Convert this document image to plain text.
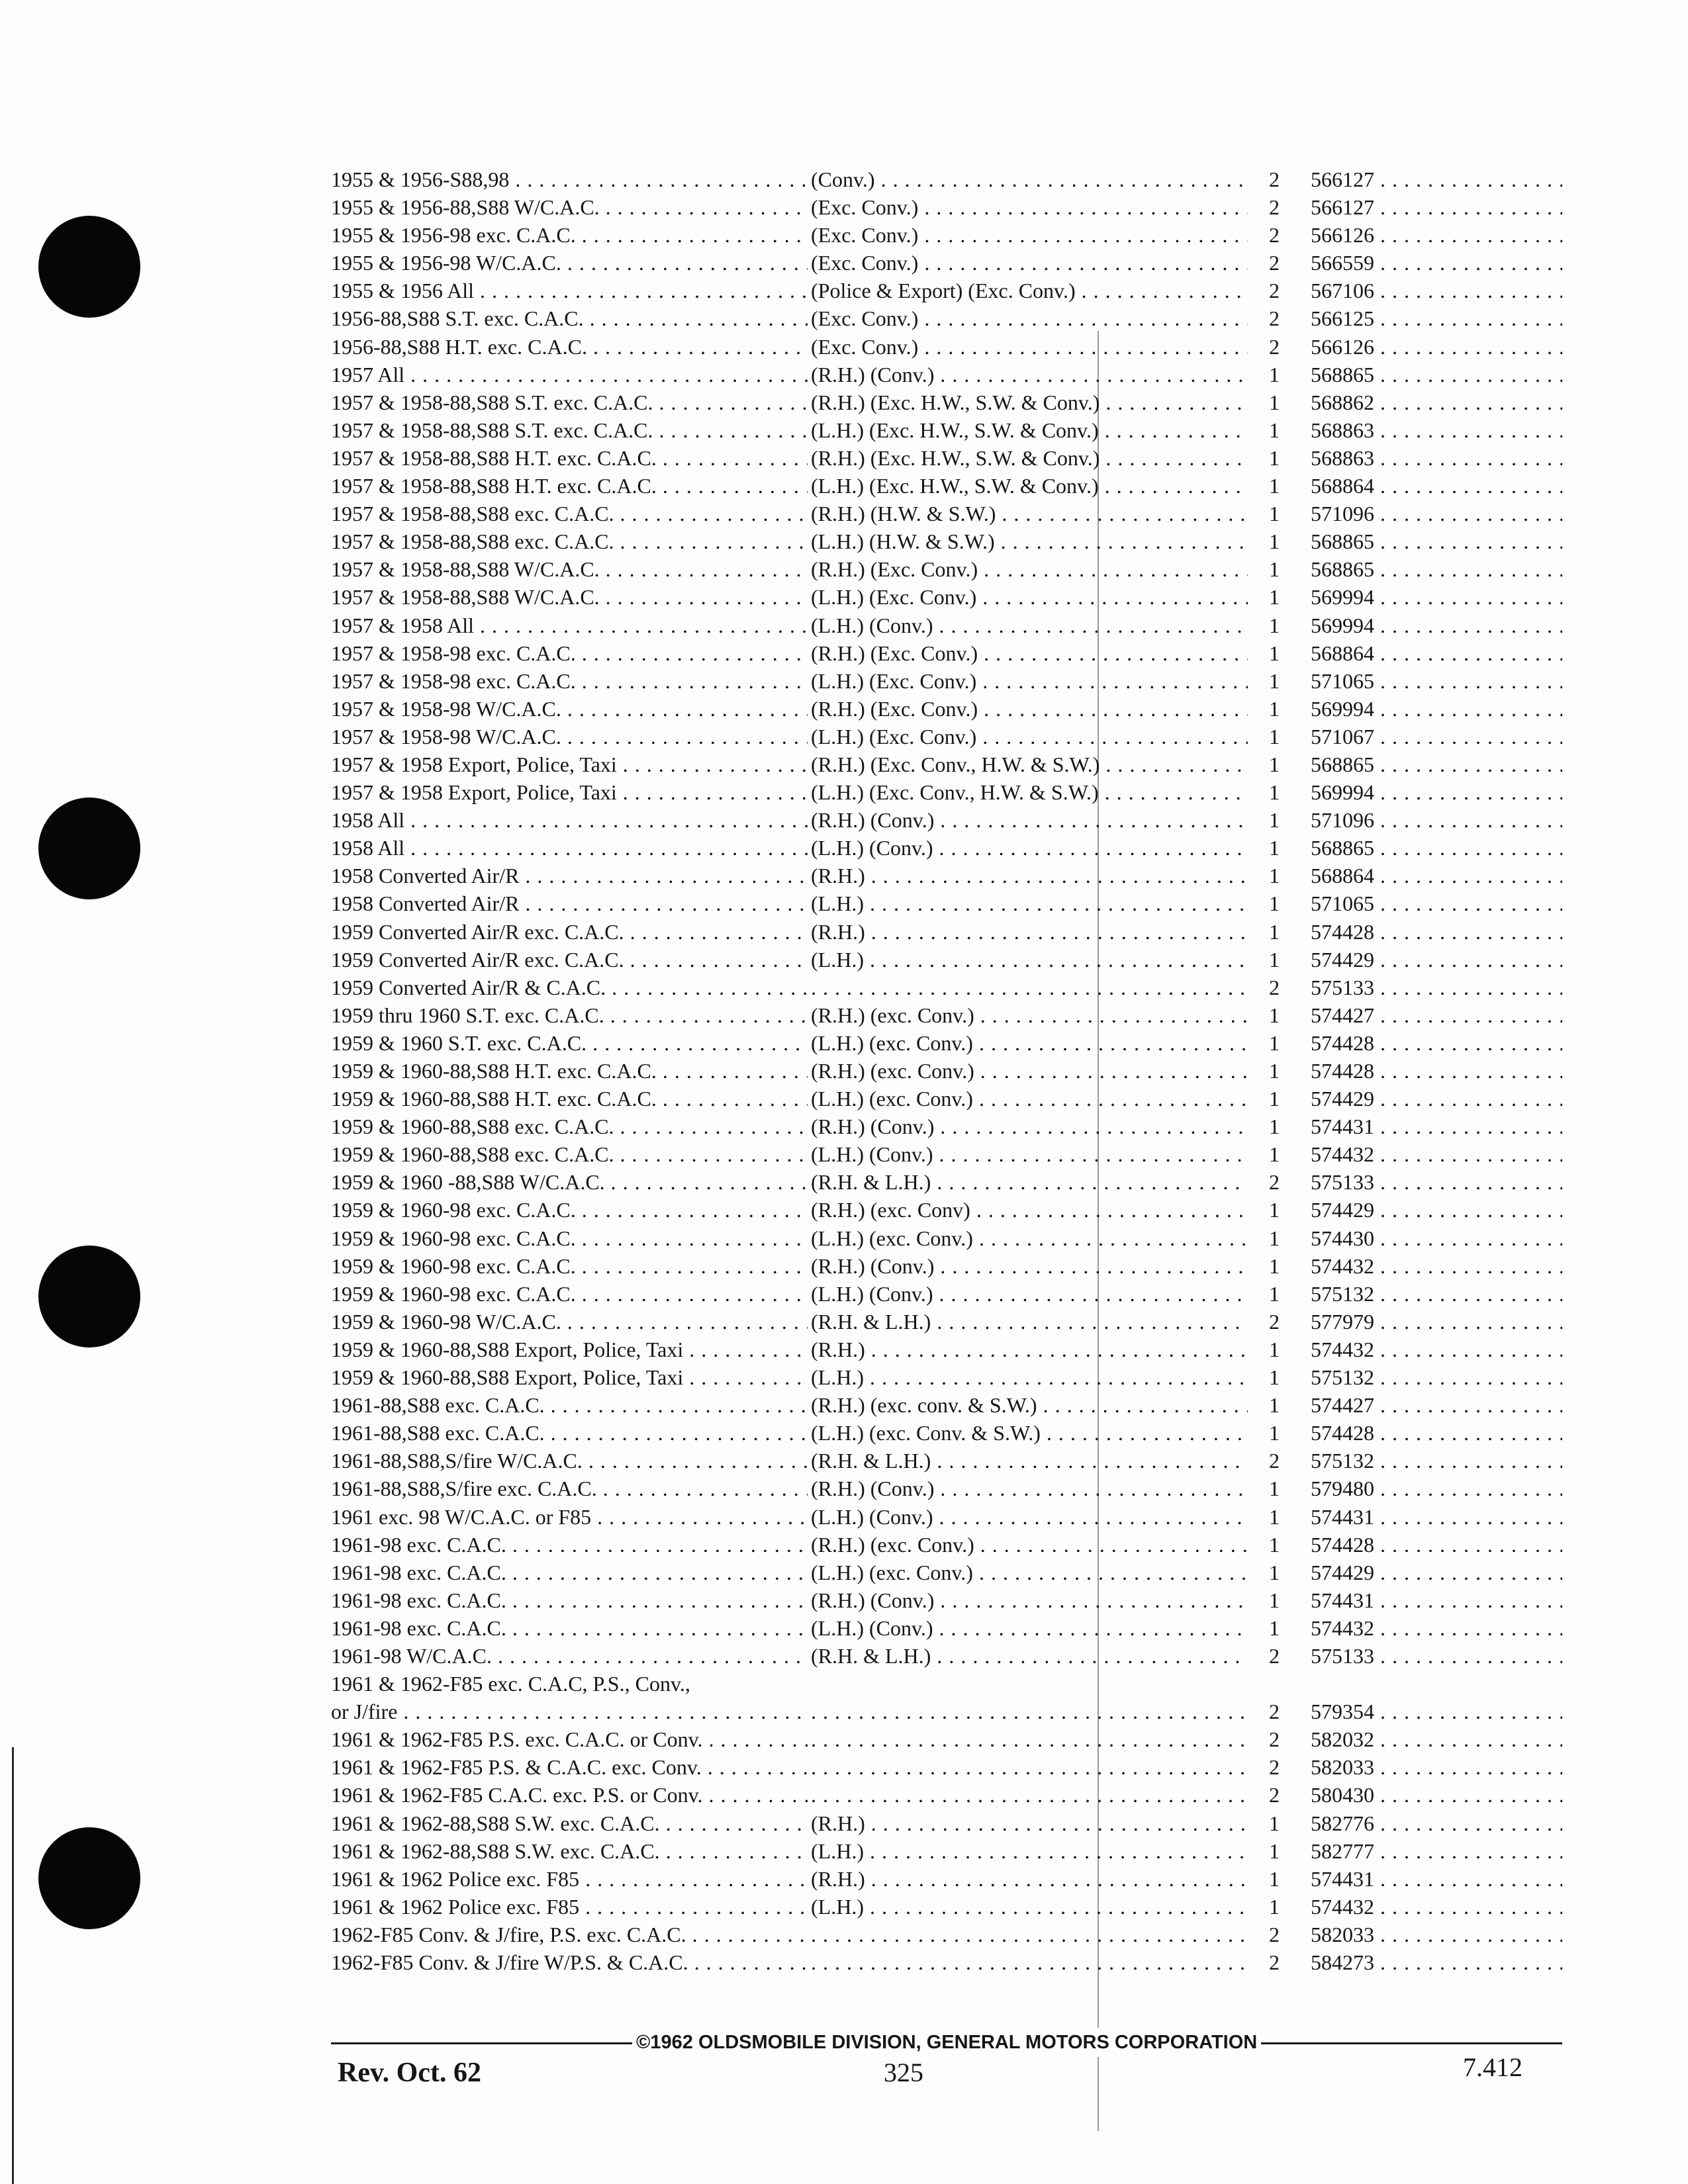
1955 & 1956-S88,98 . . .	(Conv.) . . .	2	566127 . . .
1955 & 1956-88,S88 W/C.A.C. . . .	(Exc. Conv.) . . .	2	566127 . . .
1955 & 1956-98 exc. C.A.C. . . .	(Exc. Conv.) . . .	2	566126 . . .
1955 & 1956-98 W/C.A.C. . . .	(Exc. Conv.) . . .	2	566559 . . .
1955 & 1956 All . . .	(Police & Export) (Exc. Conv.) . . .	2	567106 . . .
1956-88,S88 S.T. exc. C.A.C. . . .	(Exc. Conv.) . . .	2	566125 . . .
1956-88,S88 H.T. exc. C.A.C. . . .	(Exc. Conv.) . . .	2	566126 . . .
1957 All . . .	(R.H.) (Conv.) . . .	1	568865 . . .
1957 & 1958-88,S88 S.T. exc. C.A.C. . . .	(R.H.) (Exc. H.W., S.W. & Conv.) . . .	1	568862 . . .
1957 & 1958-88,S88 S.T. exc. C.A.C. . . .	(L.H.) (Exc. H.W., S.W. & Conv.) . . .	1	568863 . . .
1957 & 1958-88,S88 H.T. exc. C.A.C. . . .	(R.H.) (Exc. H.W., S.W. & Conv.) . . .	1	568863 . . .
1957 & 1958-88,S88 H.T. exc. C.A.C. . . .	(L.H.) (Exc. H.W., S.W. & Conv.) . . .	1	568864 . . .
1957 & 1958-88,S88 exc. C.A.C. . . .	(R.H.) (H.W. & S.W.) . . .	1	571096 . . .
1957 & 1958-88,S88 exc. C.A.C. . . .	(L.H.) (H.W. & S.W.) . . .	1	568865 . . .
1957 & 1958-88,S88 W/C.A.C. . . .	(R.H.) (Exc. Conv.) . . .	1	568865 . . .
1957 & 1958-88,S88 W/C.A.C. . . .	(L.H.) (Exc. Conv.) . . .	1	569994 . . .
1957 & 1958 All . . .	(L.H.) (Conv.) . . .	1	569994 . . .
1957 & 1958-98 exc. C.A.C. . . .	(R.H.) (Exc. Conv.) . . .	1	568864 . . .
1957 & 1958-98 exc. C.A.C. . . .	(L.H.) (Exc. Conv.) . . .	1	571065 . . .
1957 & 1958-98 W/C.A.C. . . .	(R.H.) (Exc. Conv.) . . .	1	569994 . . .
1957 & 1958-98 W/C.A.C. . . .	(L.H.) (Exc. Conv.) . . .	1	571067 . . .
1957 & 1958 Export, Police, Taxi . . .	(R.H.) (Exc. Conv., H.W. & S.W.) . . .	1	568865 . . .
1957 & 1958 Export, Police, Taxi . . .	(L.H.) (Exc. Conv., H.W. & S.W.) . . .	1	569994 . . .
1958 All . . .	(R.H.) (Conv.) . . .	1	571096 . . .
1958 All . . .	(L.H.) (Conv.) . . .	1	568865 . . .
1958 Converted Air/R . . .	(R.H.) . . .	1	568864 . . .
1958 Converted Air/R . . .	(L.H.) . . .	1	571065 . . .
1959 Converted Air/R exc. C.A.C. . . .	(R.H.) . . .	1	574428 . . .
1959 Converted Air/R exc. C.A.C. . . .	(L.H.) . . .	1	574429 . . .
1959 Converted Air/R & C.A.C. . . . . . .	2	575133 . . .
1959 thru 1960 S.T. exc. C.A.C. . . .	(R.H.) (exc. Conv.) . . .	1	574427 . . .
1959 & 1960 S.T. exc. C.A.C. . . .	(L.H.) (exc. Conv.) . . .	1	574428 . . .
1959 & 1960-88,S88 H.T. exc. C.A.C. . . .	(R.H.) (exc. Conv.) . . .	1	574428 . . .
1959 & 1960-88,S88 H.T. exc. C.A.C. . . .	(L.H.) (exc. Conv.) . . .	1	574429 . . .
1959 & 1960-88,S88 exc. C.A.C. . . .	(R.H.) (Conv.) . . .	1	574431 . . .
1959 & 1960-88,S88 exc. C.A.C. . . .	(L.H.) (Conv.) . . .	1	574432 . . .
1959 & 1960 -88,S88 W/C.A.C. . . .	(R.H. & L.H.) . . .	2	575133 . . .
1959 & 1960-98 exc. C.A.C. . . .	(R.H.) (exc. Conv) . . .	1	574429 . . .
1959 & 1960-98 exc. C.A.C. . . .	(L.H.) (exc. Conv.) . . .	1	574430 . . .
1959 & 1960-98 exc. C.A.C. . . .	(R.H.) (Conv.) . . .	1	574432 . . .
1959 & 1960-98 exc. C.A.C. . . .	(L.H.) (Conv.) . . .	1	575132 . . .
1959 & 1960-98 W/C.A.C. . . .	(R.H. & L.H.) . . .	2	577979 . . .
1959 & 1960-88,S88 Export, Police, Taxi . . .	(R.H.) . . .	1	574432 . . .
1959 & 1960-88,S88 Export, Police, Taxi . . .	(L.H.) . . .	1	575132 . . .
1961-88,S88 exc. C.A.C. . . .	(R.H.) (exc. conv. & S.W.) . . .	1	574427 . . .
1961-88,S88 exc. C.A.C. . . .	(L.H.) (exc. Conv. & S.W.) . . .	1	574428 . . .
1961-88,S88,S/fire W/C.A.C. . . .	(R.H. & L.H.) . . .	2	575132 . . .
1961-88,S88,S/fire exc. C.A.C. . . .	(R.H.) (Conv.) . . .	1	579480 . . .
1961 exc. 98 W/C.A.C. or F85 . . .	(L.H.) (Conv.) . . .	1	574431 . . .
1961-98 exc. C.A.C. . . .	(R.H.) (exc. Conv.) . . .	1	574428 . . .
1961-98 exc. C.A.C. . . .	(L.H.) (exc. Conv.) . . .	1	574429 . . .
1961-98 exc. C.A.C. . . .	(R.H.) (Conv.) . . .	1	574431 . . .
1961-98 exc. C.A.C. . . .	(L.H.) (Conv.) . . .	1	574432 . . .
1961-98 W/C.A.C. . . .	(R.H. & L.H.) . . .	2	575133 . . .
1961 & 1962-F85 exc. C.A.C, P.S., Conv.,
or J/fire . . . . . .	2	579354 . . .
1961 & 1962-F85 P.S. exc. C.A.C. or Conv. . . . . . .	2	582032 . . .
1961 & 1962-F85 P.S. & C.A.C. exc. Conv. . . . . . .	2	582033 . . .
1961 & 1962-F85 C.A.C. exc. P.S. or Conv. . . . . . .	2	580430 . . .
1961 & 1962-88,S88 S.W. exc. C.A.C. . . .	(R.H.) . . .	1	582776 . . .
1961 & 1962-88,S88 S.W. exc. C.A.C. . . .	(L.H.) . . .	1	582777 . . .
1961 & 1962 Police exc. F85 . . .	(R.H.) . . .	1	574431 . . .
1961 & 1962 Police exc. F85 . . .	(L.H.) . . .	1	574432 . . .
1962-F85 Conv. & J/fire, P.S. exc. C.A.C. . . . . . .	2	582033 . . .
1962-F85 Conv. & J/fire W/P.S. & C.A.C. . . . . . .	2	584273 . . .
©1962 OLDSMOBILE DIVISION, GENERAL MOTORS CORPORATION
Rev. Oct. 62	325	7.412
